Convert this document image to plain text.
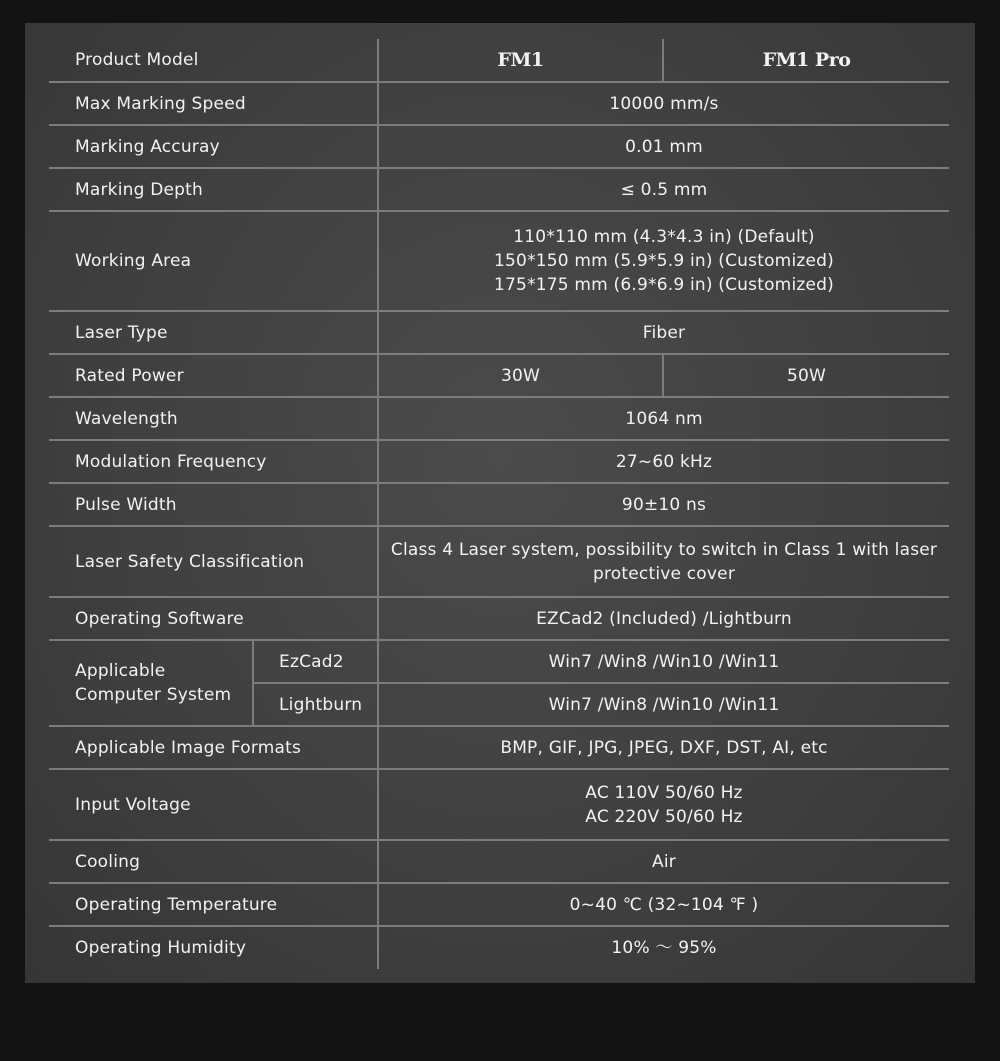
Product Model		FM1	FM1 Pro
Max Marking Speed		10000 mm/s	
Marking Accuray		0.01 mm	
Marking Depth		≤ 0.5 mm	
Working Area		110*110 mm (4.3*4.3 in) (Default)
150*150 mm (5.9*5.9 in) (Customized)
175*175 mm (6.9*6.9 in) (Customized)	

Laser Type		Fiber	
Rated Power		30W	50W
Wavelength		1064 nm	
Modulation Frequency		27~60 kHz	
Pulse Width		90±10 ns	
Laser Safety Classification		Class 4 Laser system, possibility to switch in Class 1 with laser
protective cover	

Operating Software		EZCad2 (Included) /Lightburn	

Applicable
Computer System	EzCad2	Win7 /Win8 /Win10 /Win11	
	Lightburn	Win7 /Win8 /Win10 /Win11	
Applicable Image Formats		BMP, GIF, JPG, JPEG, DXF, DST, AI, etc	
Input Voltage		AC 110V 50/60 Hz
AC 220V 50/60 Hz	

Cooling		Air	
Operating Temperature		0~40 ℃ (32~104 ℉ )	
Operating Humidity		10% ～ 95%	
